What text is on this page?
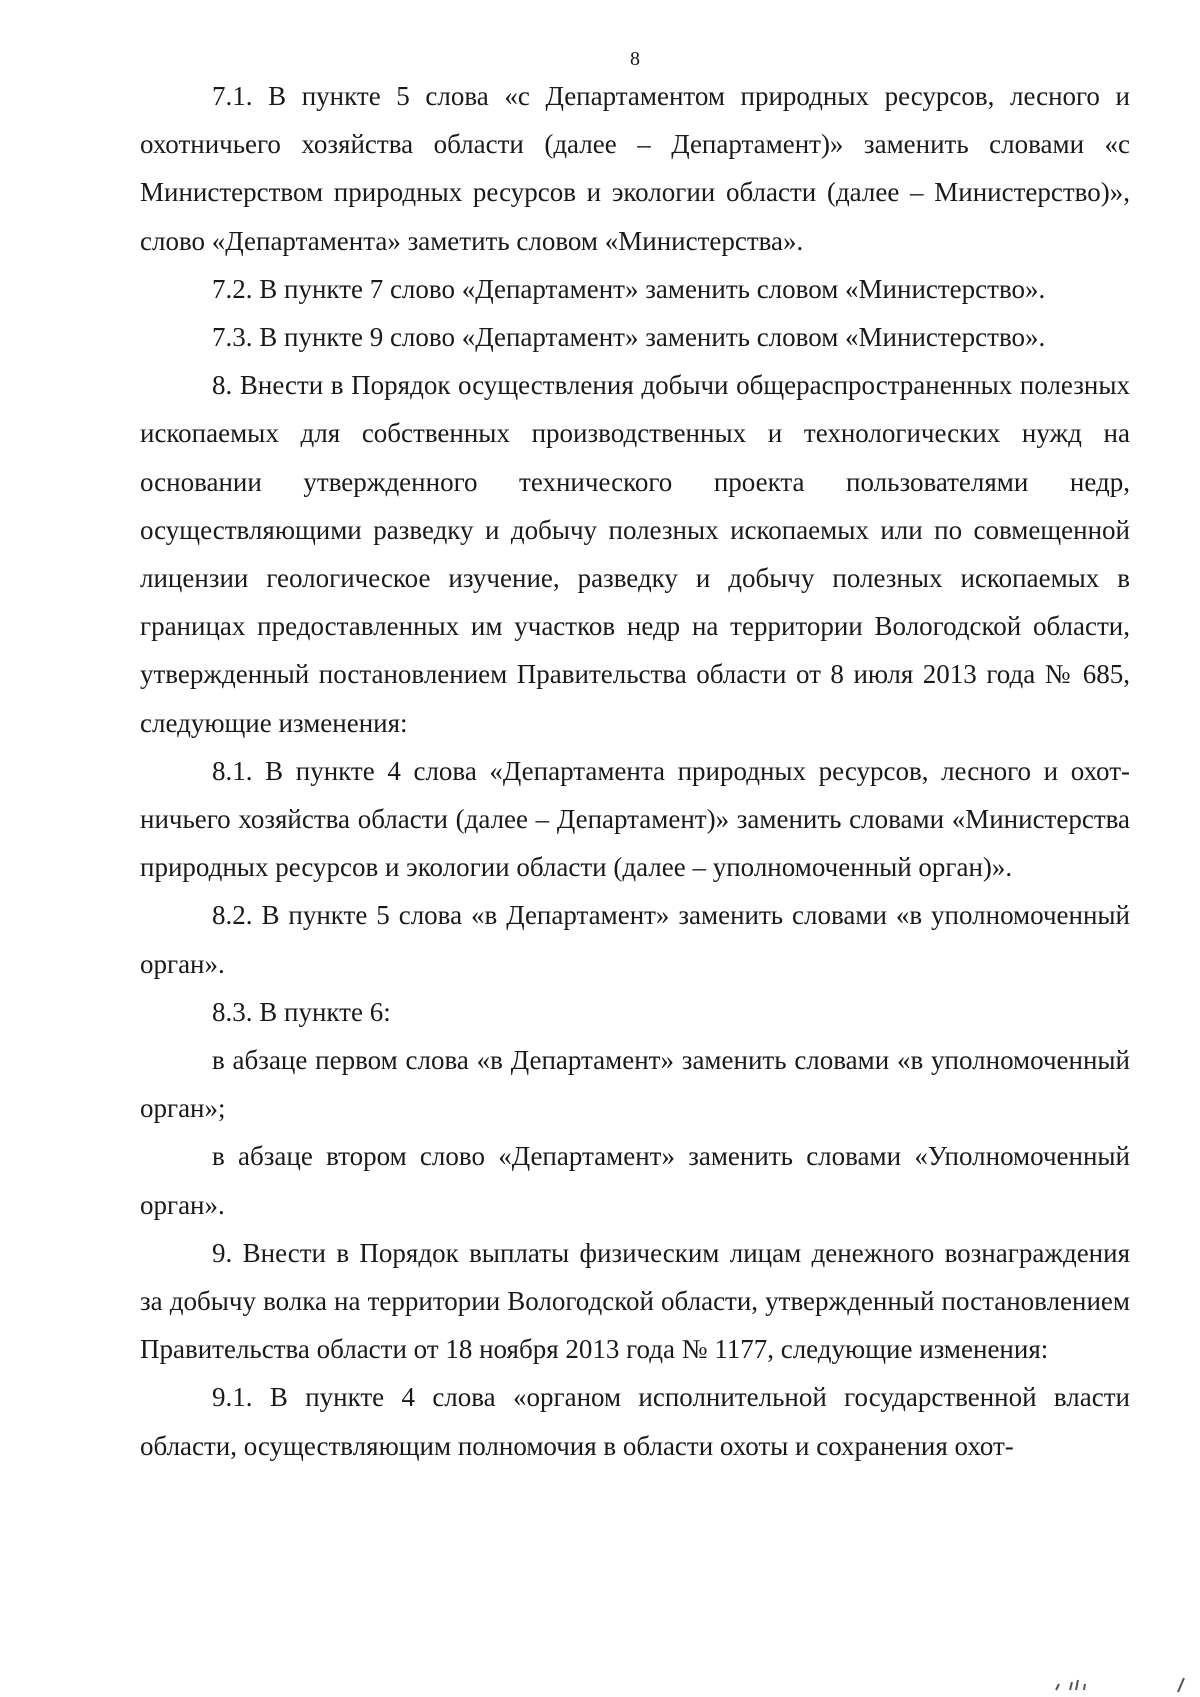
8

7.1. В пункте 5 слова «с Департаментом природных ресурсов, лесного и охотничьего хозяйства области (далее – Департамент)» заменить словами «с Министерством природных ресурсов и экологии области (далее – Министерство)», слово «Департамента» заметить словом «Министерства».

7.2. В пункте 7 слово «Департамент» заменить словом «Министерство».

7.3. В пункте 9 слово «Департамент» заменить словом «Министерство».

8. Внести в Порядок осуществления добычи общераспространенных полезных ископаемых для собственных производственных и технологических нужд на основании утвержденного технического проекта пользователями недр, осуществляющими разведку и добычу полезных ископаемых или по совмещенной лицензии геологическое изучение, разведку и добычу полезных ископаемых в границах предоставленных им участков недр на территории Вологодской области, утвержденный постановлением Правительства области от 8 июля 2013 года № 685, следующие изменения:

8.1. В пункте 4 слова «Департамента природных ресурсов, лесного и охотничьего хозяйства области (далее – Департамент)» заменить словами «Министерства природных ресурсов и экологии области (далее – уполномоченный орган)».

8.2. В пункте 5 слова «в Департамент» заменить словами «в уполномоченный орган».

8.3. В пункте 6:

в абзаце первом слова «в Департамент» заменить словами «в уполномоченный орган»;

в абзаце втором слово «Департамент» заменить словами «Уполномоченный орган».

9. Внести в Порядок выплаты физическим лицам денежного вознаграждения за добычу волка на территории Вологодской области, утвержденный постановлением Правительства области от 18 ноября 2013 года № 1177, следующие изменения:

9.1. В пункте 4 слова «органом исполнительной государственной власти области, осуществляющим полномочия в области охоты и сохранения охот-
